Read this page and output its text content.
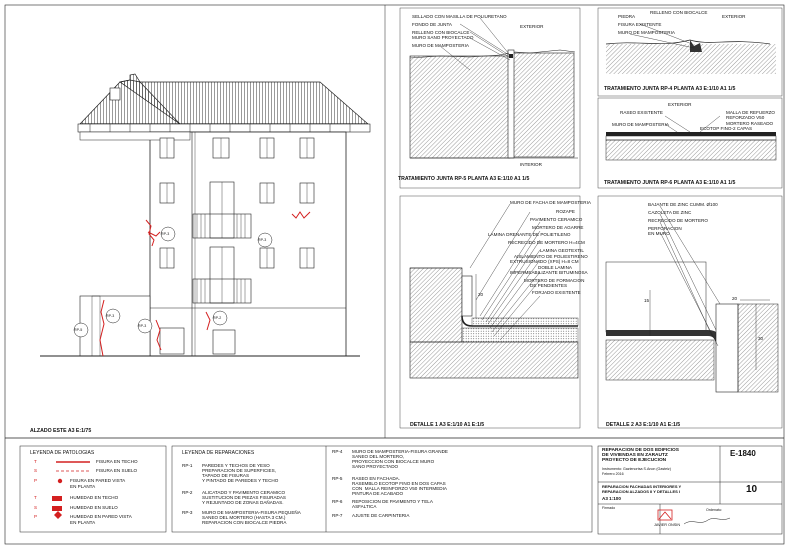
ALZADO ESTE A3 E:1/75
RP-3
RP-3
RP-2
RP-3
RP-3
RP-5
SELLADO CON MASILLA DE POLIURETANO
FONDO DE JUNTA
RELLENO CON BIOCALCE
MURO SANO PROYECTADO
MURO DE MAMPOSTERIA
EXTERIOR
INTERIOR
TRATAMIENTO JUNTA RP-5 PLANTA A3 E:1/10 A1 1/5
RELLENO CON BIOCALCE
PIEDRA
FISURA EXISTENTE
MURO DE MAMPOSTERIA
EXTERIOR
TRATAMIENTO JUNTA RP-4 PLANTA A3 E:1/10 A1 1/5
EXTERIOR
RASEO EXISTENTE	MALLA DE REFUERZO
REFORZADO V50
MURO DE MAMPOSTERIA	MORTERO RASEADO
ECOTOP FINO-2 CAPAS
TRATAMIENTO JUNTA RP-6 PLANTA A3 E:1/10 A1 1/5
MURO DE FACHA DE MAMPOSTERIA
ROZAPE
PAVIMENTO CERAMICO
MORTERO DE AGARRE
LAMINA DRENANTE DE POLIETILENO
RECRECIDO DE MORTERO H=4CM
LAMINA GEOTEXTIL
AISLAMIENTO DE POLIESTIRENO
EXTRUSIONADO (XPS) H=8 CM
DOBLE LAMINA
IMPERMEABILIZANTE BITUMINOSA
MORTERO DE FORMACION
DE PENDIENTES
FORJADO EXISTENTE
20
DETALLE 1 A3 E:1/10 A1 E:1/5
BAJANTE DE ZINC CUMM. Ø100
CAZOLETA DE ZINC
RECRECIDO DE MORTERO
PERFORACION
EN MURO
20
15
30
DETALLE 2 A3 E:1/10 A1 E:1/5
LEYENDA DE PATOLOGIAS
T	FISURA EN TECHO
S	FISURA EN SUELO
P	FISURA EN PARED VISTA EN PLANTA
T	HUMEDAD EN TECHO
S	HUMEDAD EN SUELO
P	HUMEDAD EN PARED VISTA EN PLANTA
LEYENDA DE REPARACIONES
RP-1 PAREDES Y TECHOS DE YESO
PREPARACION DE SUPERFICIES,
TAPADO DE FISURAS
Y PINTADO DE PAREDES Y TECHO
RP-2 ALICATADO Y PAVIMENTO CERAMICO
SUSTITUCION DE PIEZAS FISURADAS
Y REJUNTADO DE ZONAS DAÑADAS.
RP-3 MURO DE MAMPOSTERIA-FISURA PEQUEÑA
SANEO DEL MORTERO (HASTA 3 CM.)
REPARACION CON BIOCALCE PIEDRA
RP-4 MURO DE MAMPOSTERIA-FISURA GRANDE
SANEO DEL MORTERO,
PROYECCION CON BIOCALCE MURO
SANO PROYECTADO
RP-5 RASEO EN FACHADA.
RASEMBLO ECOTOP FINO EN DOS CAPAS
CON  MALLA REINFORZO V50 INTERMEDIA
PINTURA DE ACABADO
RP-6 REPOSICION DE PAVIMENTO Y TELA
ASFALTICA
RP-7 AJUSTE DE CARPINTERIA
REPARACION DE DOS EDIFICIOS
DE VIVIENDAS EN ZARAUTZ
PROYECTO DE EJECUCION
E-1840
Instrumento: Gaztenortsa S.Anon (Gasteiz)
Febrero 2016
REPARACION FACHADAS INTERIORES Y
REPARACION ALZADOS II Y DETALLES I	10
A3 1:100
Firmado
JAVIER ONSIN
Ordenatu:
